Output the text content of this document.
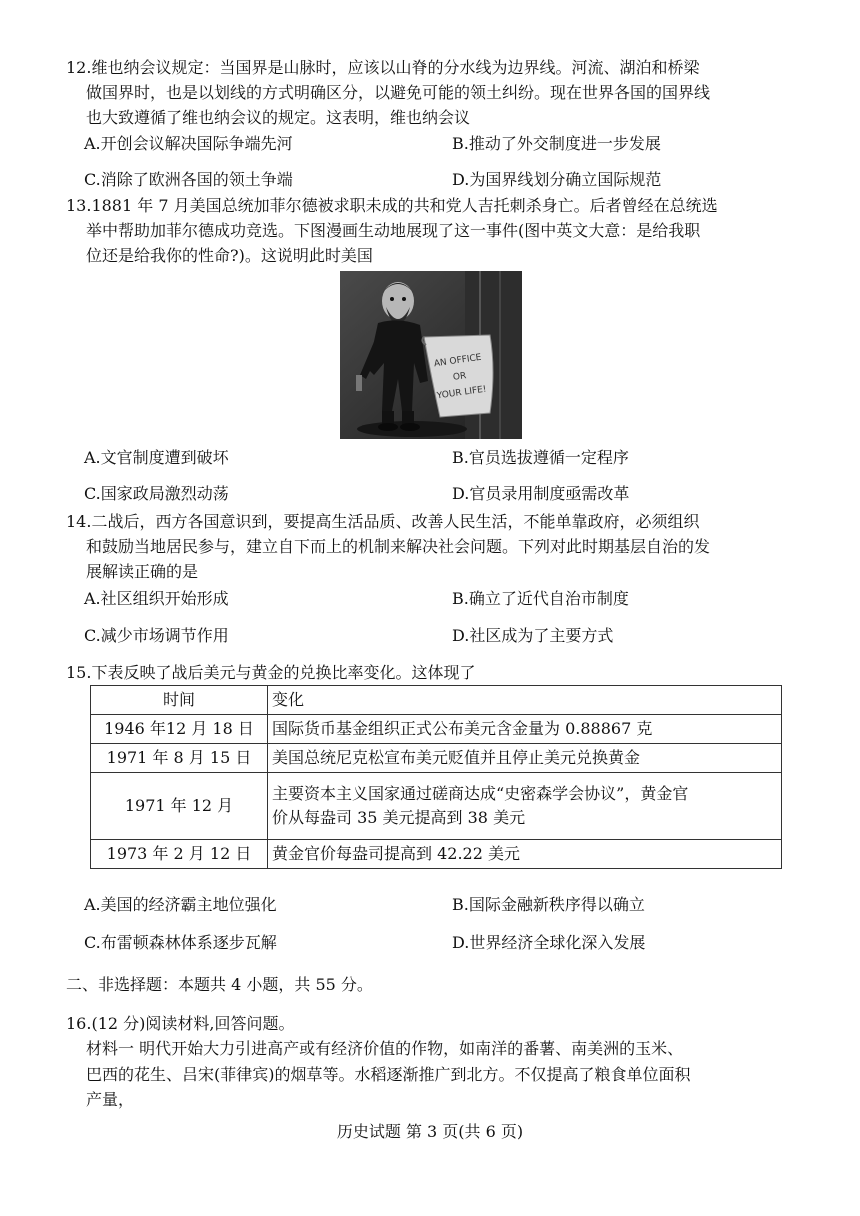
12.维也纳会议规定：当国界是山脉时，应该以山脊的分水线为边界线。河流、湖泊和桥梁
做国界时，也是以划线的方式明确区分，以避免可能的领土纠纷。现在世界各国的国界线
也大致遵循了维也纳会议的规定。这表明，维也纳会议
A.开创会议解决国际争端先河	B.推动了外交制度进一步发展
C.消除了欧洲各国的领土争端	D.为国界线划分确立国际规范
13.1881 年 7 月美国总统加菲尔德被求职未成的共和党人吉托刺杀身亡。后者曾经在总统选
举中帮助加菲尔德成功竞选。下图漫画生动地展现了这一事件(图中英文大意：是给我职
位还是给我你的性命?)。这说明此时美国
AN OFFICE
OR
YOUR LIFE!
A.文官制度遭到破坏	B.官员选拔遵循一定程序
C.国家政局激烈动荡	D.官员录用制度亟需改革
14.二战后，西方各国意识到，要提高生活品质、改善人民生活，不能单靠政府，必须组织
和鼓励当地居民参与，建立自下而上的机制来解决社会问题。下列对此时期基层自治的发
展解读正确的是
A.社区组织开始形成	B.确立了近代自治市制度
C.减少市场调节作用	D.社区成为了主要方式
15.下表反映了战后美元与黄金的兑换比率变化。这体现了
时间	变化
1946 年12 月 18 日	国际货币基金组织正式公布美元含金量为 0.88867 克
1971 年 8 月 15 日	美国总统尼克松宣布美元贬值并且停止美元兑换黄金
1971 年 12 月	主要资本主义国家通过磋商达成“史密森学会协议”，黄金官
价从每盎司 35 美元提高到 38 美元

1973 年 2 月 12 日	黄金官价每盎司提高到 42.22 美元
A.美国的经济霸主地位强化	B.国际金融新秩序得以确立
C.布雷顿森林体系逐步瓦解	D.世界经济全球化深入发展
二、非选择题：本题共 4 小题，共 55 分。
16.(12 分)阅读材料,回答问题。
材料一 明代开始大力引进高产或有经济价值的作物，如南洋的番薯、南美洲的玉米、
巴西的花生、吕宋(菲律宾)的烟草等。水稻逐渐推广到北方。不仅提高了粮食单位面积
产量，
历史试题 第 3 页(共 6 页)
